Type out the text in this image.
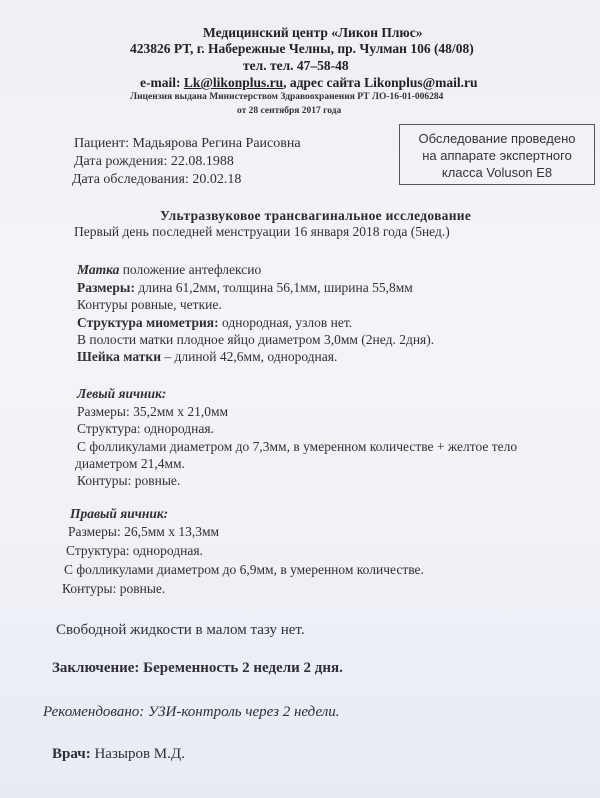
Медицинский центр «Ликон Плюс»
423826 РТ, г. Набережные Челны, пр. Чулман 106 (48/08)
тел. тел. 47–58-48
e-mail: Lk@likonplus.ru, адрес сайта Likonplus@mail.ru
Лицензия выдана Министерством Здравоохранения РТ ЛО-16-01-006284
от 28 сентября 2017 года
Пациент: Мадьярова Регина Раисовна
Дата рождения: 22.08.1988
Дата обследования: 20.02.18
Обследование проведено
на аппарате экспертного
класса Voluson E8
Ультразвуковое трансвагинальное исследование
Первый день последней менструации 16 января 2018 года (5нед.)
Матка положение антефлексио
Размеры: длина 61,2мм, толщина 56,1мм, ширина 55,8мм
Контуры ровные, четкие.
Структура миометрия: однородная, узлов нет.
В полости матки плодное яйцо диаметром 3,0мм (2нед. 2дня).
Шейка матки – длиной 42,6мм, однородная.
Левый яичник:
Размеры: 35,2мм х 21,0мм
Структура: однородная.
С фолликулами диаметром до 7,3мм, в умеренном количестве + желтое тело
диаметром 21,4мм.
Контуры: ровные.
Правый яичник:
Размеры: 26,5мм х 13,3мм
Структура: однородная.
С фолликулами диаметром до 6,9мм, в умеренном количестве.
Контуры: ровные.
Свободной жидкости в малом тазу нет.
Заключение: Беременность 2 недели 2 дня.
Рекомендовано: УЗИ-контроль через 2 недели.
Врач: Назыров М.Д.
